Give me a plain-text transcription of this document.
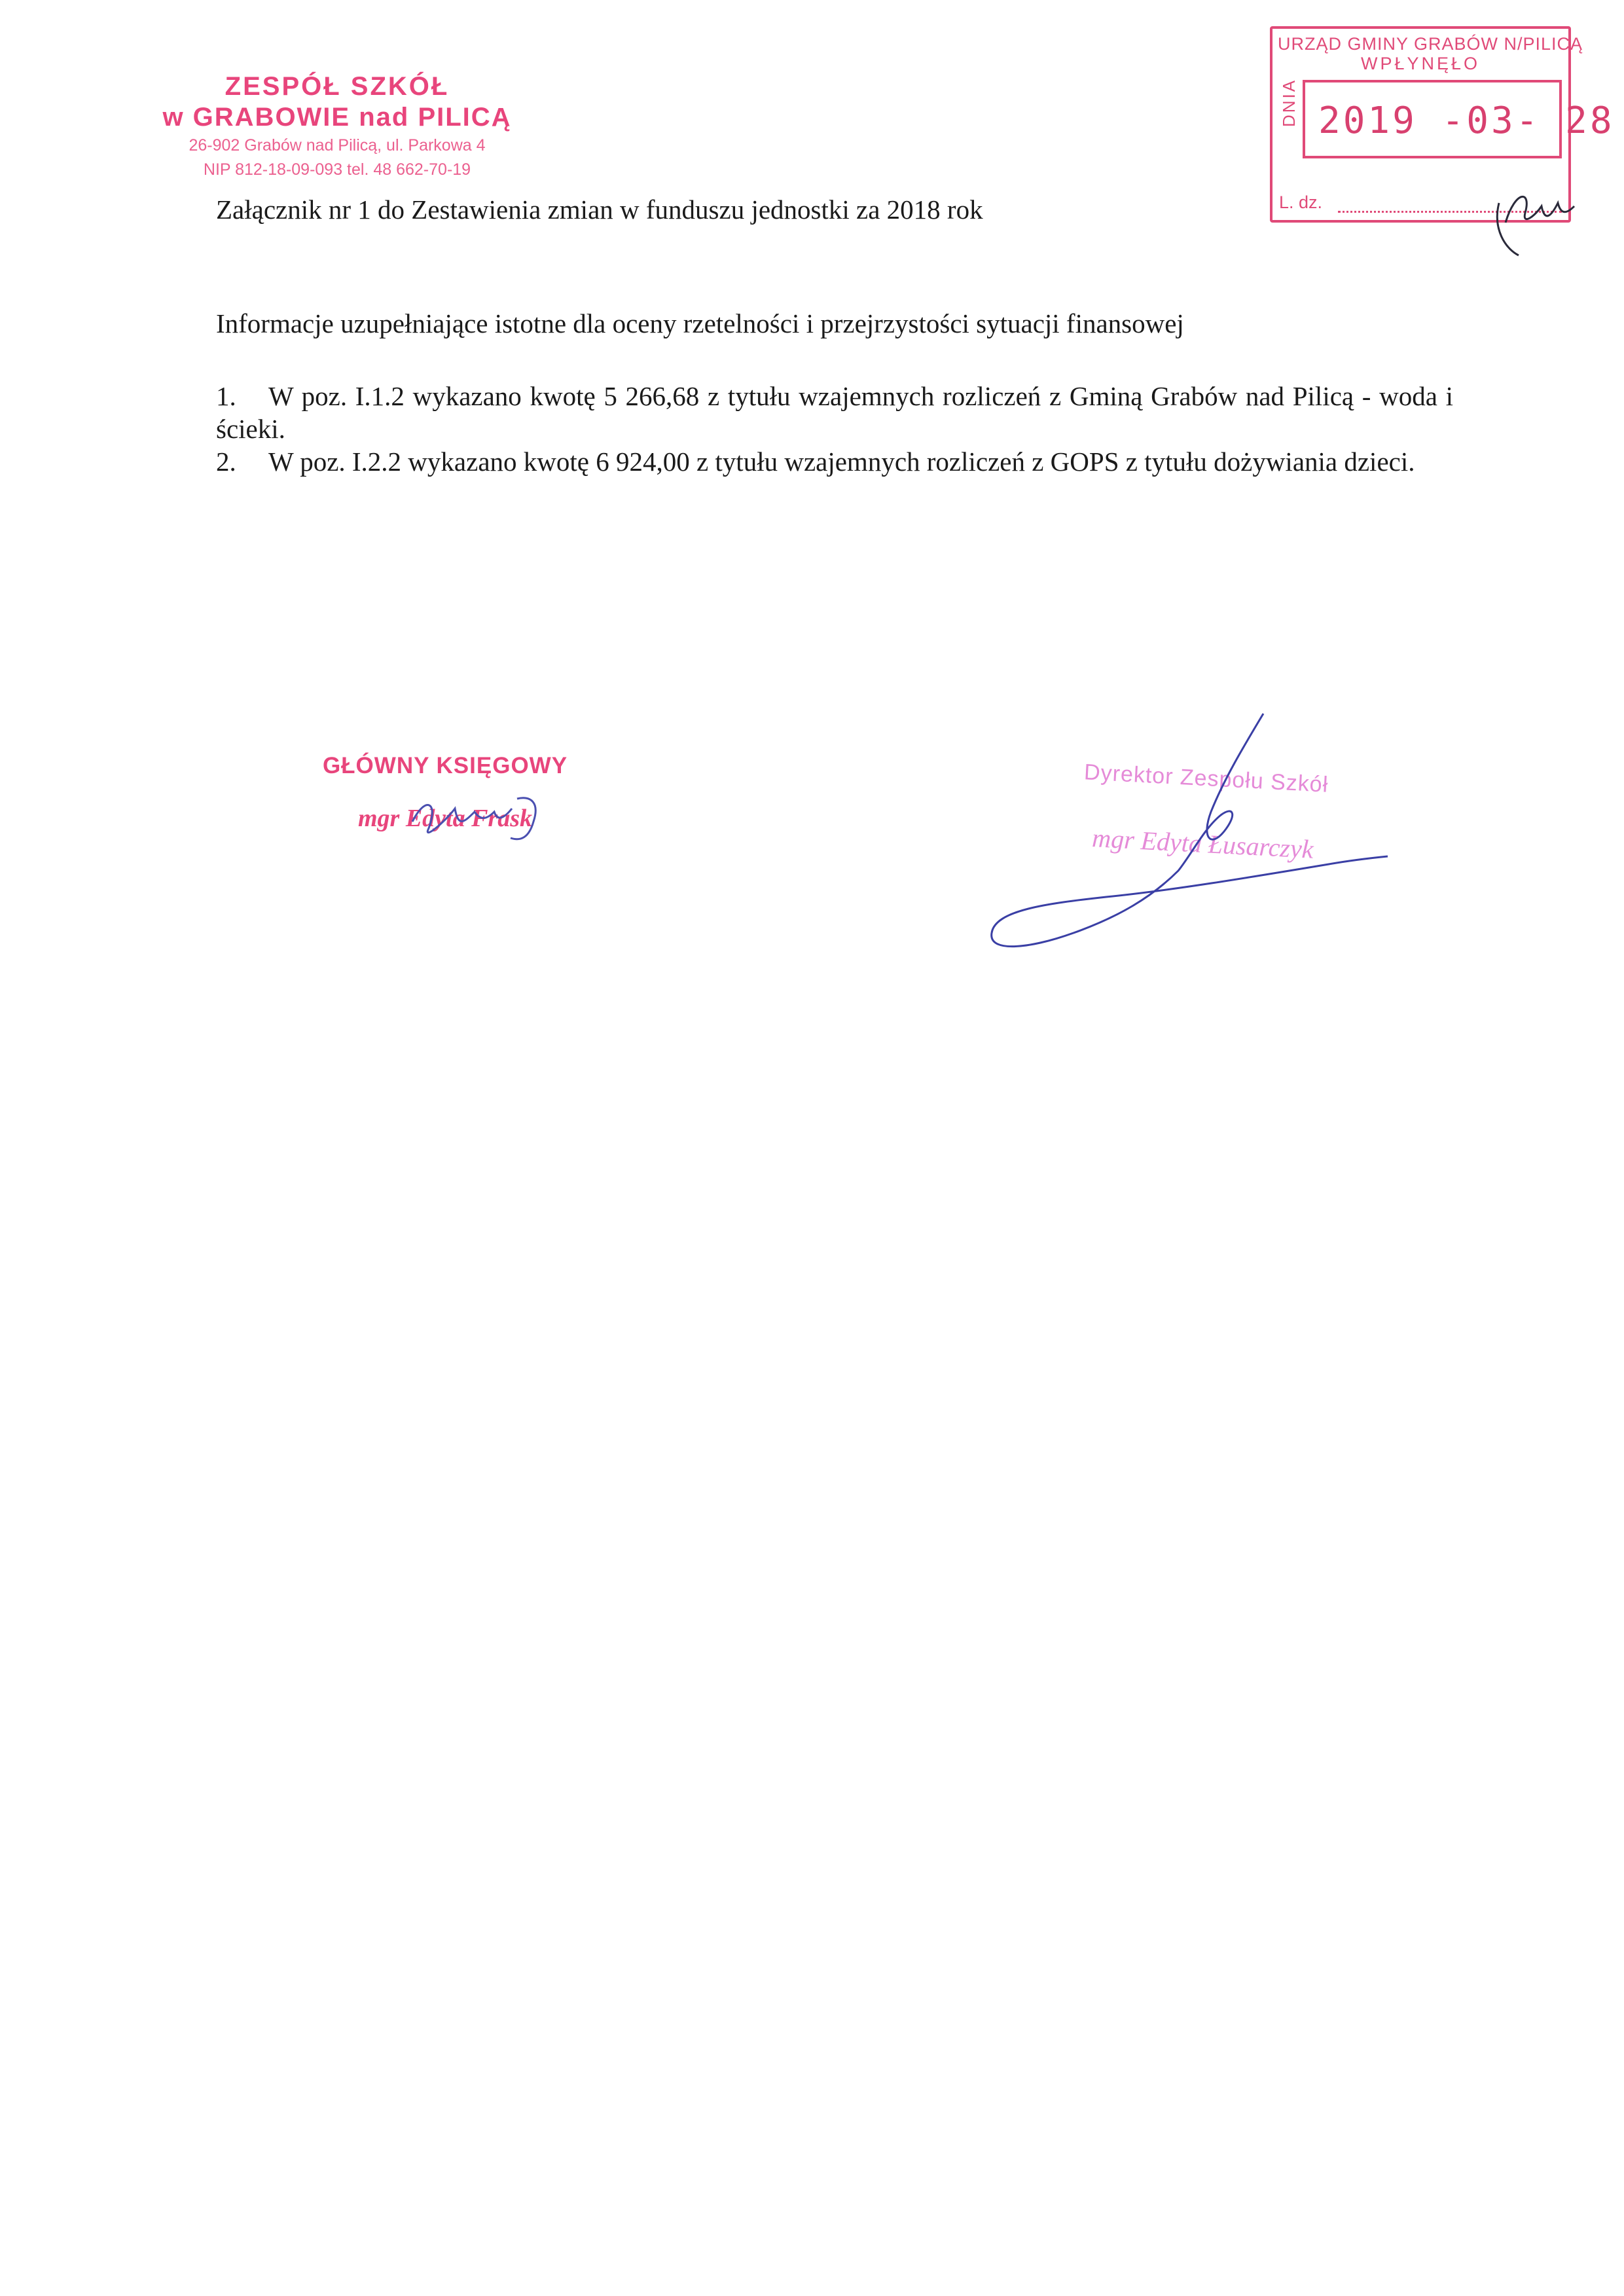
ZESPÓŁ SZKÓŁ
w GRABOWIE nad PILICĄ
26-902 Grabów nad Pilicą, ul. Parkowa 4
NIP 812-18-09-093 tel. 48 662-70-19
URZĄD GMINY GRABÓW N/PILICĄ
WPŁYNĘŁO
DNIA 2019 -03- 28
L. dz.
Załącznik nr 1 do Zestawienia zmian w funduszu jednostki za 2018 rok
Informacje uzupełniające istotne dla oceny rzetelności i przejrzystości sytuacji finansowej
1. W poz. I.1.2 wykazano kwotę 5 266,68 z tytułu wzajemnych rozliczeń z Gminą Grabów nad Pilicą - woda i ścieki.
2. W poz. I.2.2 wykazano kwotę 6 924,00 z tytułu wzajemnych rozliczeń z GOPS z tytułu dożywiania dzieci.
GŁÓWNY KSIĘGOWY
mgr Edyta Frask
Dyrektor Zespołu Szkół
mgr Edyta Łusarczyk
